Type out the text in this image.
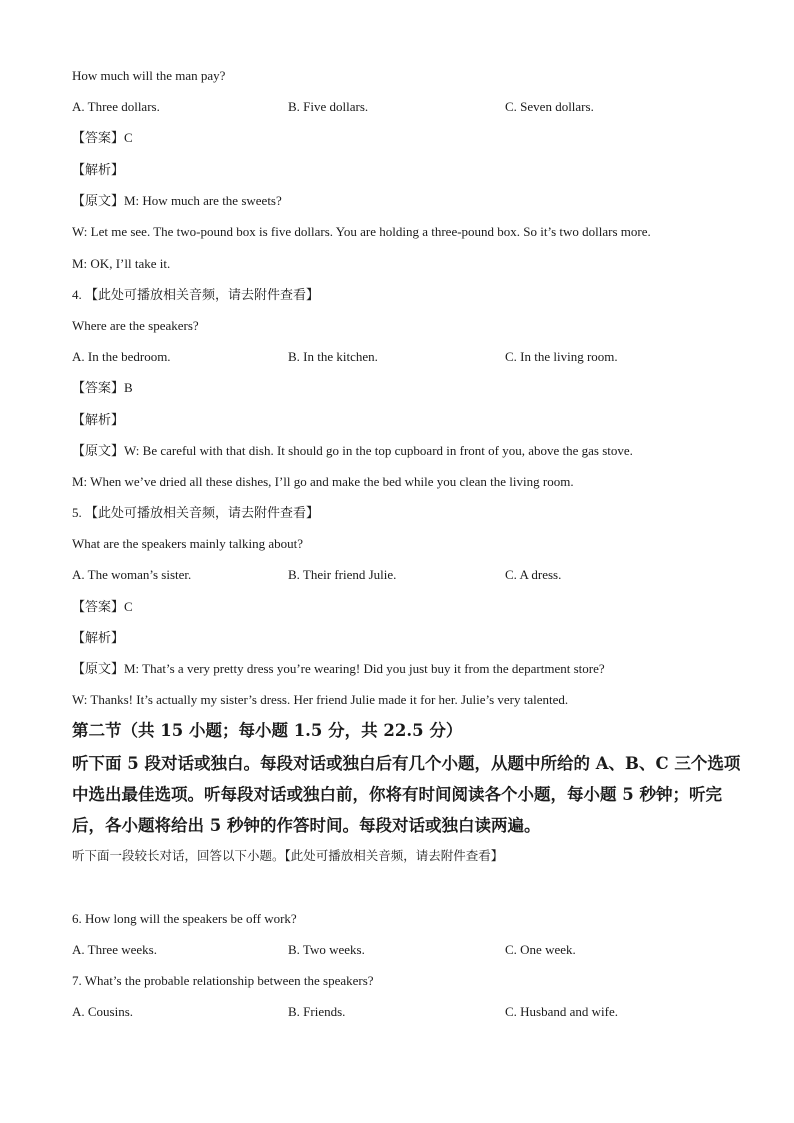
How much will the man pay?
A. Three dollars.	B. Five dollars.	C. Seven dollars.
【答案】C
【解析】
【原文】M: How much are the sweets?
W: Let me see. The two-pound box is five dollars. You are holding a three-pound box. So it’s two dollars more.
M: OK, I’ll take it.
4. 【此处可播放相关音频，请去附件查看】
Where are the speakers?
A. In the bedroom.	B. In the kitchen.	C. In the living room.
【答案】B
【解析】
【原文】W: Be careful with that dish. It should go in the top cupboard in front of you, above the gas stove.
M: When we’ve dried all these dishes, I’ll go and make the bed while you clean the living room.
5. 【此处可播放相关音频，请去附件查看】
What are the speakers mainly talking about?
A. The woman’s sister.	B. Their friend Julie.	C. A dress.
【答案】C
【解析】
【原文】M: That’s a very pretty dress you’re wearing! Did you just buy it from the department store?
W: Thanks! It’s actually my sister’s dress. Her friend Julie made it for her. Julie’s very talented.
第二节（共 15 小题；每小题 1.5 分，共 22.5 分）
听下面 5 段对话或独白。每段对话或独白后有几个小题，从题中所给的 A、B、C 三个选项
中选出最佳选项。听每段对话或独白前，你将有时间阅读各个小题，每小题 5 秒钟；听完
后，各小题将给出 5 秒钟的作答时间。每段对话或独白读两遍。
听下面一段较长对话，回答以下小题。【此处可播放相关音频，请去附件查看】
6. How long will the speakers be off work?
A. Three weeks.	B. Two weeks.	C. One week.
7. What’s the probable relationship between the speakers?
A. Cousins.	B. Friends.	C. Husband and wife.
